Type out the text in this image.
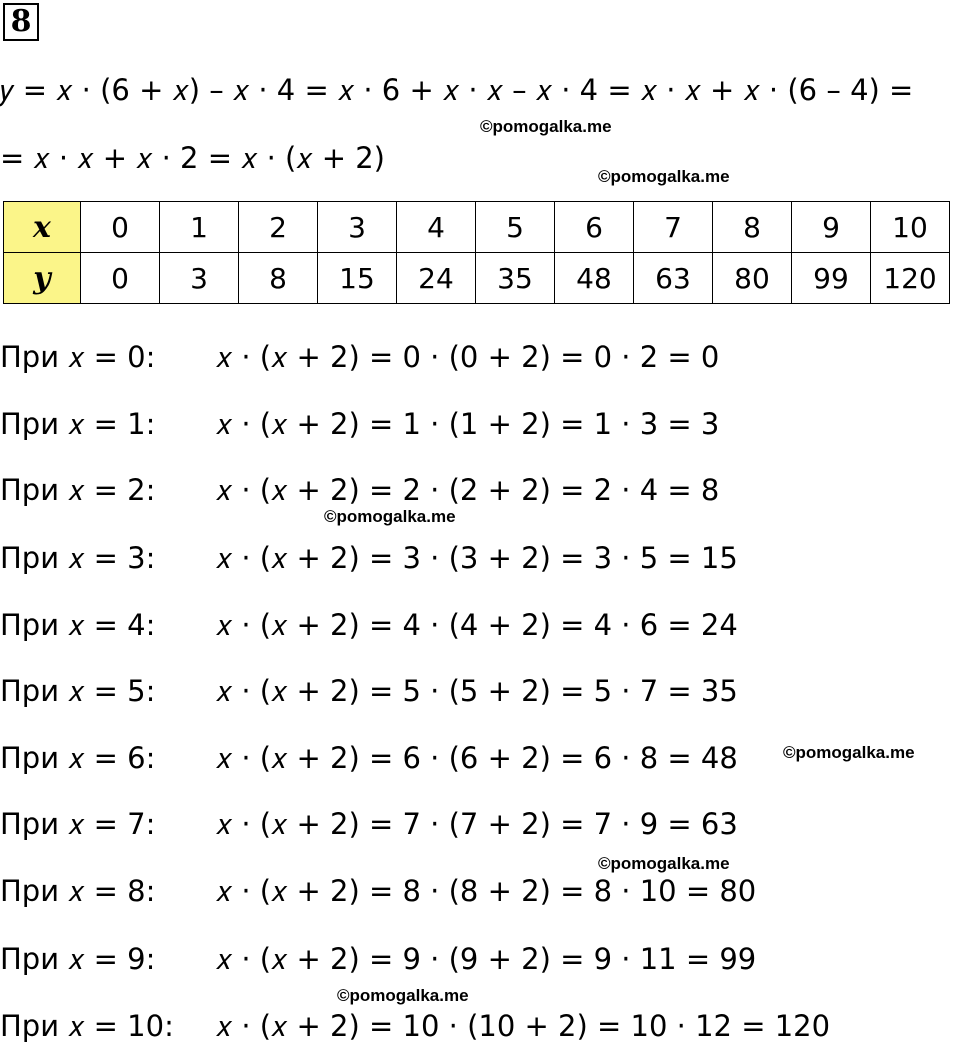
8
𝑦 = 𝑥 · (6 + 𝑥) – 𝑥 · 4 = 𝑥 · 6 + 𝑥 · 𝑥 – 𝑥 · 4 = 𝑥 · 𝑥 + 𝑥 · (6 – 4) =
©pomogalka.me
= 𝑥 · 𝑥 + 𝑥 · 2 = 𝑥 · (𝑥 + 2)
©pomogalka.me
𝒙	0	1	2	3	4	5	6	7	8	9	10
𝒚	0	3	8	15	24	35	48	63	80	99	120
При 𝑥 = 0: 𝑥 · (𝑥 + 2) = 0 · (0 + 2) = 0 · 2 = 0
При 𝑥 = 1: 𝑥 · (𝑥 + 2) = 1 · (1 + 2) = 1 · 3 = 3
При 𝑥 = 2: 𝑥 · (𝑥 + 2) = 2 · (2 + 2) = 2 · 4 = 8
©pomogalka.me
При 𝑥 = 3: 𝑥 · (𝑥 + 2) = 3 · (3 + 2) = 3 · 5 = 15
При 𝑥 = 4: 𝑥 · (𝑥 + 2) = 4 · (4 + 2) = 4 · 6 = 24
При 𝑥 = 5: 𝑥 · (𝑥 + 2) = 5 · (5 + 2) = 5 · 7 = 35
При 𝑥 = 6: 𝑥 · (𝑥 + 2) = 6 · (6 + 2) = 6 · 8 = 48	©pomogalka.me
При 𝑥 = 7: 𝑥 · (𝑥 + 2) = 7 · (7 + 2) = 7 · 9 = 63
©pomogalka.me
При 𝑥 = 8: 𝑥 · (𝑥 + 2) = 8 · (8 + 2) = 8 · 10 = 80
При 𝑥 = 9: 𝑥 · (𝑥 + 2) = 9 · (9 + 2) = 9 · 11 = 99
©pomogalka.me
При 𝑥 = 10: 𝑥 · (𝑥 + 2) = 10 · (10 + 2) = 10 · 12 = 120
